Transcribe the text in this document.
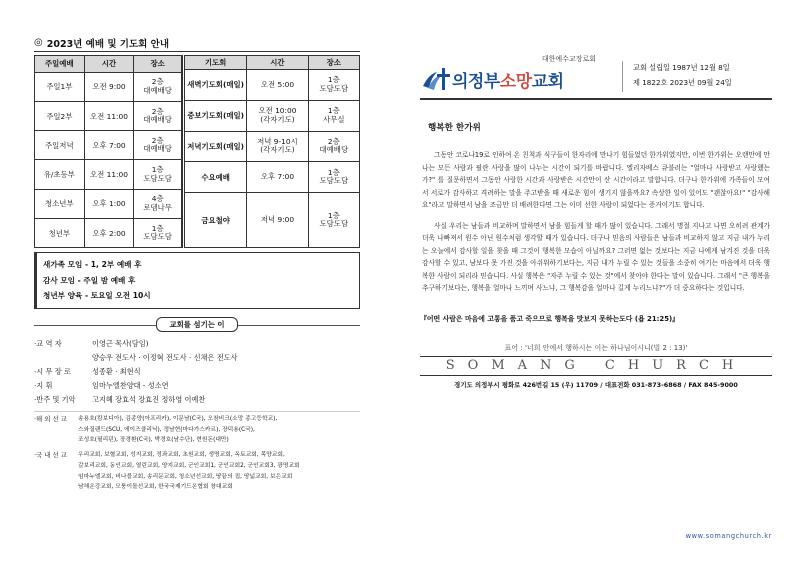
◎ 2023년 예배 및 기도회 안내
주일예배	시간	장소
주일1부	오전 9:00	2층
대예배당
주일2부	오전 11:00	2층
대예배당
주일저녁	오후 7:00	2층
대예배당
유/초등부	오전 11:00	1층
도담도담
청소년부	오후 1:00	4층
로뎀나무
청년부	오후 2:00	1층
도담도담
기도회	시간	장소
새벽기도회(매일)	오전 5:00	1층
도담도담
중보기도회(매일)	오전 10:00
(각자기도)	1층
사무실
저녁기도회(매일)	저녁 9-10시
(각자기도)	2층
대예배당
수요예배	오후 7:00	1층
도담도담
금요철야	저녁 9:00	1층
도담도담
새가족 모임 - 1, 2부 예배 후
감사 모임 - 주일 밤 예배 후
청년부 양육 - 토요일 오전 10시
교회를 섬기는 이
·교 역 자	이영근 목사(담임)
양승우 전도사 · 이정혁 전도사 · 신채은 전도사
·시 무 장 로	성종환 · 최현식
·지 휘	임마누엘찬양대 - 성소연
·반주 및 기악	고지혜 장효석 장효진 정하영 이예찬
·해 외 선 교	송용호(캄보디아), 김종양(아프리카), 이문남(C국), 오참비크(소망 종고등학교),
스와질랜드(SCU, 에이즈클리닉), 정남현(마다가스카르), 장덕용(C국),
조성호(필리핀), 장경환(C국), 박경호(남수단), 현원돈(대만)
·국 내 선 교	우리교회, 보혈교회, 성지교회, 정좌교회, 초원교회, 생명교회, 옥토교회, 목양교회,
갈보리교회, 동인교회, 열린교회, 양지교회, 군인교회1, 군인교회2, 군인교회3, 광명교회
임마누엘교회, 비나블교회, 송리문교회, 청소년선교회, 땅끝의 집, 땅넓교회, 보은교회
남해온강교회, 모퉁이돌선교회, 한국국제기드온협회 창대교회
대한예수교장로회
의정부소망교회
교회 설립일 1987년 12월 8일
제 1822호 2023년 09월 24일
행복한 한가위

그동안 코로나19로 인하여 온 친척과 식구들이 한자리에 만나기 힘들었던 한가위였지만, 이번 한가위는 오랜만에 만나는 모든 사람과 필란 사랑을 많이 나누는 시간이 되기를 바랍니다. 엘리자베스 큐블러는 "얼마나 사랑받고 사랑했는가?" 를 질문하면서 그동안 사랑한 시간과 사랑받은 시간만이 산 시간이라고 말합니다. 더구나 한가위에 가족들이 모여서 서로가 감사하고 격려하는 말을 주고받을 때 새로운 힘이 생기지 않을까요? 속상한 일이 있어도 "괜찮아요!" "감사해요"라고 말하면서 남을 조금만 더 배려한다면 그는 이미 선한 사람이 되었다는 증거이기도 합니다.

사실 우리는 남들과 비교하며 말하면서 남을 힘들게 할 때가 많이 있습니다. 그래서 명절 지나고 나면 오히려 관계가 더욱 나빠져서 원수 아닌 원수처럼 생각할 때가 있습니다. 더구나 믿음의 사람들은 남들과 비교하지 않고 지금 내가 누리는 오늘에서 감사할 일을 찾을 때 그것이 행복한 모습이 아닐까요? 그러면 없는 것보다는 지금 나에게 남겨진 것을 더욱 감사할 수 있고, 남보다 못 가진 것을 아쉬워하기보다는, 지금 내가 누릴 수 있는 것들을 소중히 여기는 마음에서 더욱 행복한 사람이 되리라 믿습니다. 사실 행복은 "자주 누릴 수 있는 것"에서 찾아야 한다는 말이 있습니다. 그래서 "큰 행복을 추구하기보다는, 행복을 얼마나 느끼며 사느냐, 그 행복감을 얼마나 길게 누리느냐?"가 더 중요하다는 것입니다.

『어떤 사람은 마음에 고통을 품고 죽으므로 행복을 맛보지 못하는도다 (욥 21:25)』
표어 : '너희 안에서 행하시는 이는 하나님이시니(빌 2 : 13)'
SOMANG CHURCH
경기도 의정부시 평화로 426번길 15 (우) 11709 / 대표전화 031-873-6868 / FAX 845-9000
www.somangchurch.kr
